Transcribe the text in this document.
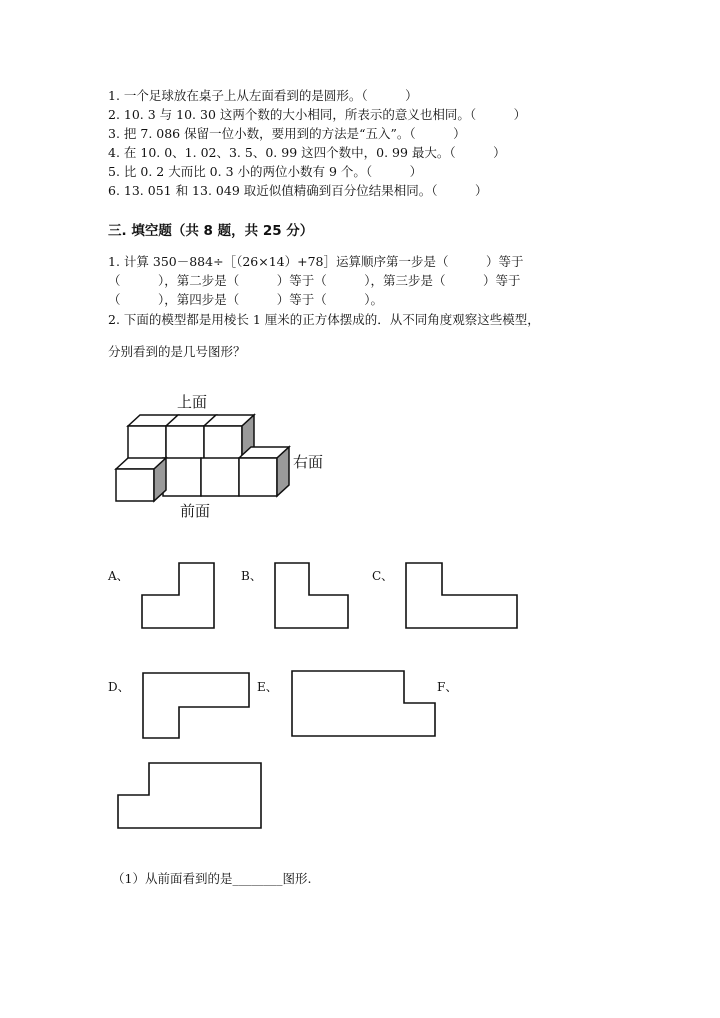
1. 一个足球放在桌子上从左面看到的是圆形。（　　　）
2. 10. 3 与 10. 30 这两个数的大小相同，所表示的意义也相同。（　　　）
3. 把 7. 086 保留一位小数，要用到的方法是“五入”。（　　　）
4. 在 10. 0、1. 02、3. 5、0. 99 这四个数中，0. 99 最大。（　　　）
5. 比 0. 2 大而比 0. 3 小的两位小数有 9 个。（　　　）
6. 13. 051 和 13. 049 取近似值精确到百分位结果相同。（　　　）
三. 填空题（共 8 题，共 25 分）
1. 计算 350－884÷［（26×14）+78］运算顺序第一步是（　　　）等于
（　　　），第二步是（　　　）等于（　　　），第三步是（　　　）等于
（　　　），第四步是（　　　）等于（　　　）。
2. 下面的模型都是用棱长 1 厘米的正方体摆成的．从不同角度观察这些模型，
分别看到的是几号图形？
上面
右面
前面
A、	B、	C、
D、	E、	F、
（1）从前面看到的是________图形.
